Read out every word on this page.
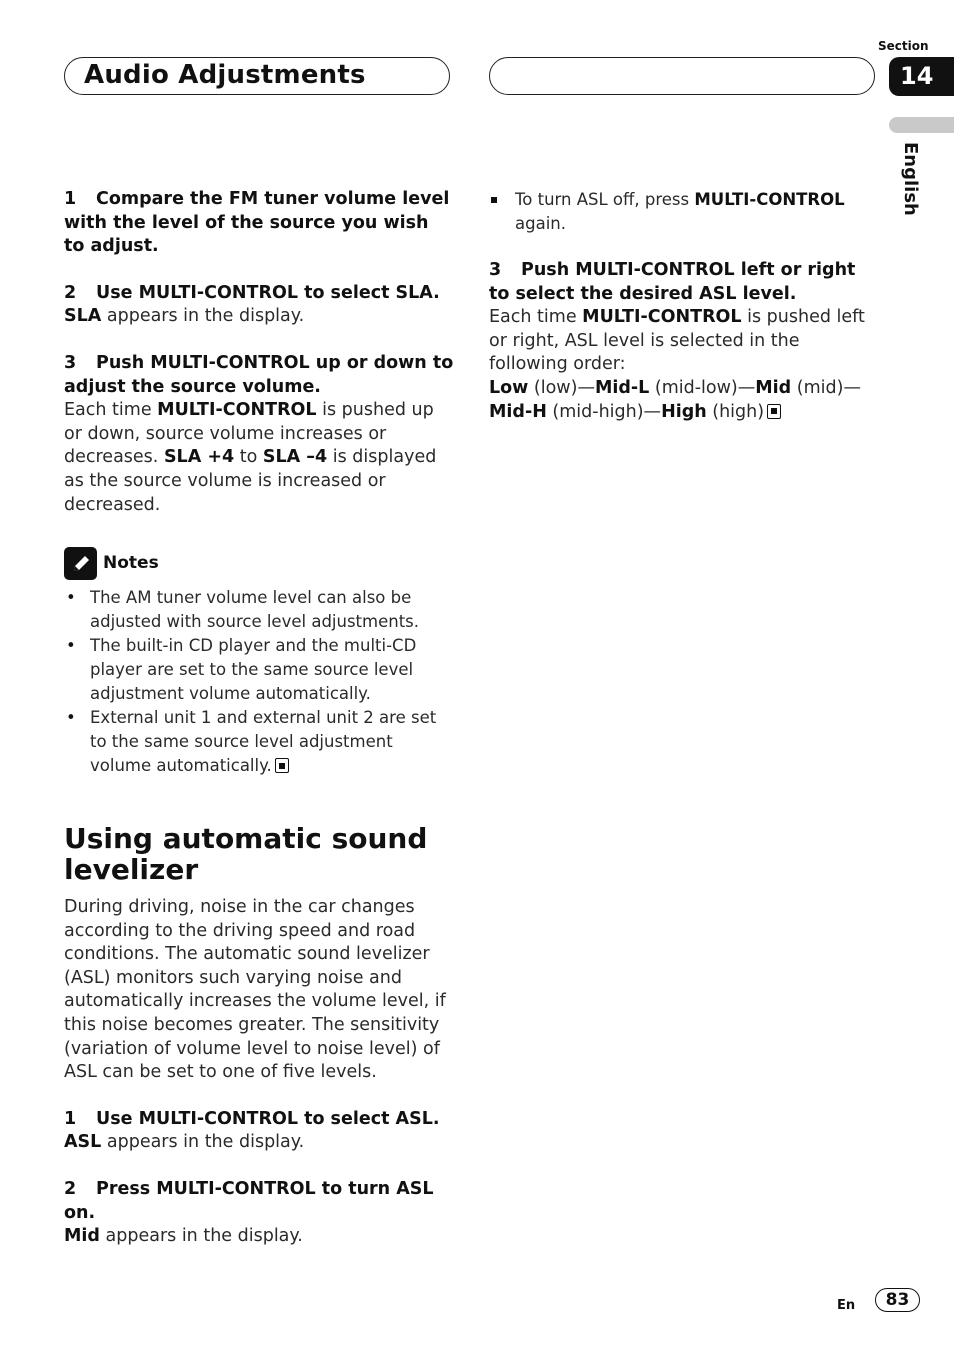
Audio Adjustments
Section
14
English

1 Compare the FM tuner volume level with the level of the source you wish to adjust.

2 Use MULTI-CONTROL to select SLA.

SLA appears in the display.

3 Push MULTI-CONTROL up or down to adjust the source volume.

Each time MULTI-CONTROL is pushed up or down, source volume increases or decreases. SLA +4 to SLA –4 is displayed as the source volume is increased or decreased.

Notes
• The AM tuner volume level can also be adjusted with source level adjustments.
• The built-in CD player and the multi-CD player are set to the same source level adjustment volume automatically.
• External unit 1 and external unit 2 are set to the same source level adjustment volume automatically.
Using automatic sound levelizer

During driving, noise in the car changes according to the driving speed and road conditions. The automatic sound levelizer (ASL) monitors such varying noise and automatically increases the volume level, if this noise becomes greater. The sensitivity (variation of volume level to noise level) of ASL can be set to one of five levels.

1 Use MULTI-CONTROL to select ASL.

ASL appears in the display.

2 Press MULTI-CONTROL to turn ASL on.

Mid appears in the display.

To turn ASL off, press MULTI-CONTROL again.

3 Push MULTI-CONTROL left or right to select the desired ASL level.

Each time MULTI-CONTROL is pushed left or right, ASL level is selected in the following order:

Low (low)—Mid-L (mid-low)—Mid (mid)—
Mid-H (mid-high)—High (high)

En	83
